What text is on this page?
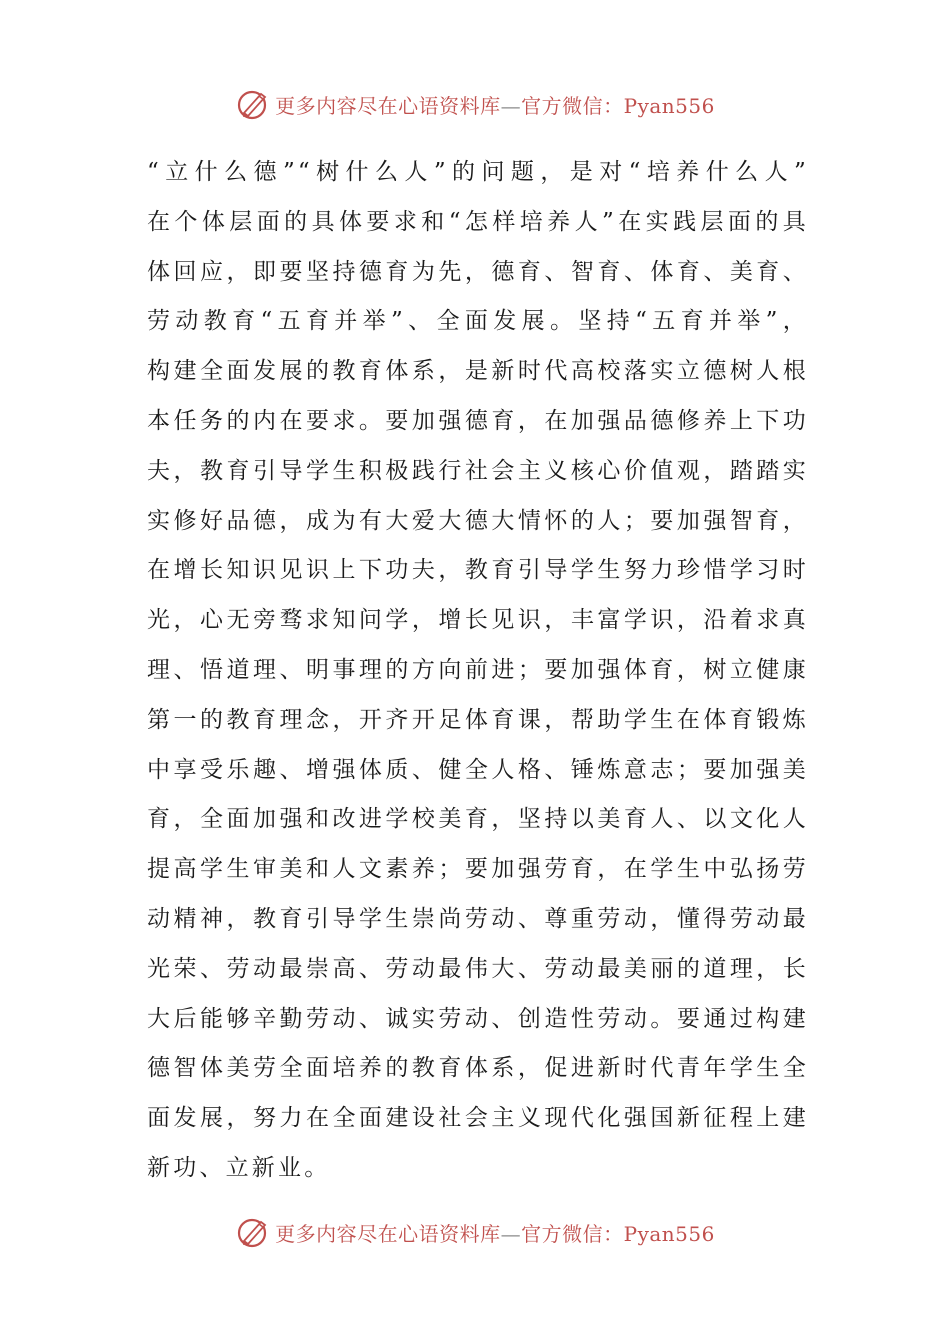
更多内容尽在心语资料库—官方微信：Pyan556
“立什么德”“树什么人”的问题，是对“培养什么人”
在个体层面的具体要求和“怎样培养人”在实践层面的具
体回应，即要坚持德育为先，德育、智育、体育、美育、
劳动教育“五育并举”、全面发展。坚持“五育并举”，
构建全面发展的教育体系，是新时代高校落实立德树人根
本任务的内在要求。要加强德育，在加强品德修养上下功
夫，教育引导学生积极践行社会主义核心价值观，踏踏实
实修好品德，成为有大爱大德大情怀的人；要加强智育，
在增长知识见识上下功夫，教育引导学生努力珍惜学习时
光，心无旁骛求知问学，增长见识，丰富学识，沿着求真
理、悟道理、明事理的方向前进；要加强体育，树立健康
第一的教育理念，开齐开足体育课，帮助学生在体育锻炼
中享受乐趣、增强体质、健全人格、锤炼意志；要加强美
育，全面加强和改进学校美育，坚持以美育人、以文化人
提高学生审美和人文素养；要加强劳育，在学生中弘扬劳
动精神，教育引导学生崇尚劳动、尊重劳动，懂得劳动最
光荣、劳动最崇高、劳动最伟大、劳动最美丽的道理，长
大后能够辛勤劳动、诚实劳动、创造性劳动。要通过构建
德智体美劳全面培养的教育体系，促进新时代青年学生全
面发展，努力在全面建设社会主义现代化强国新征程上建
新功、立新业。
更多内容尽在心语资料库—官方微信：Pyan556
